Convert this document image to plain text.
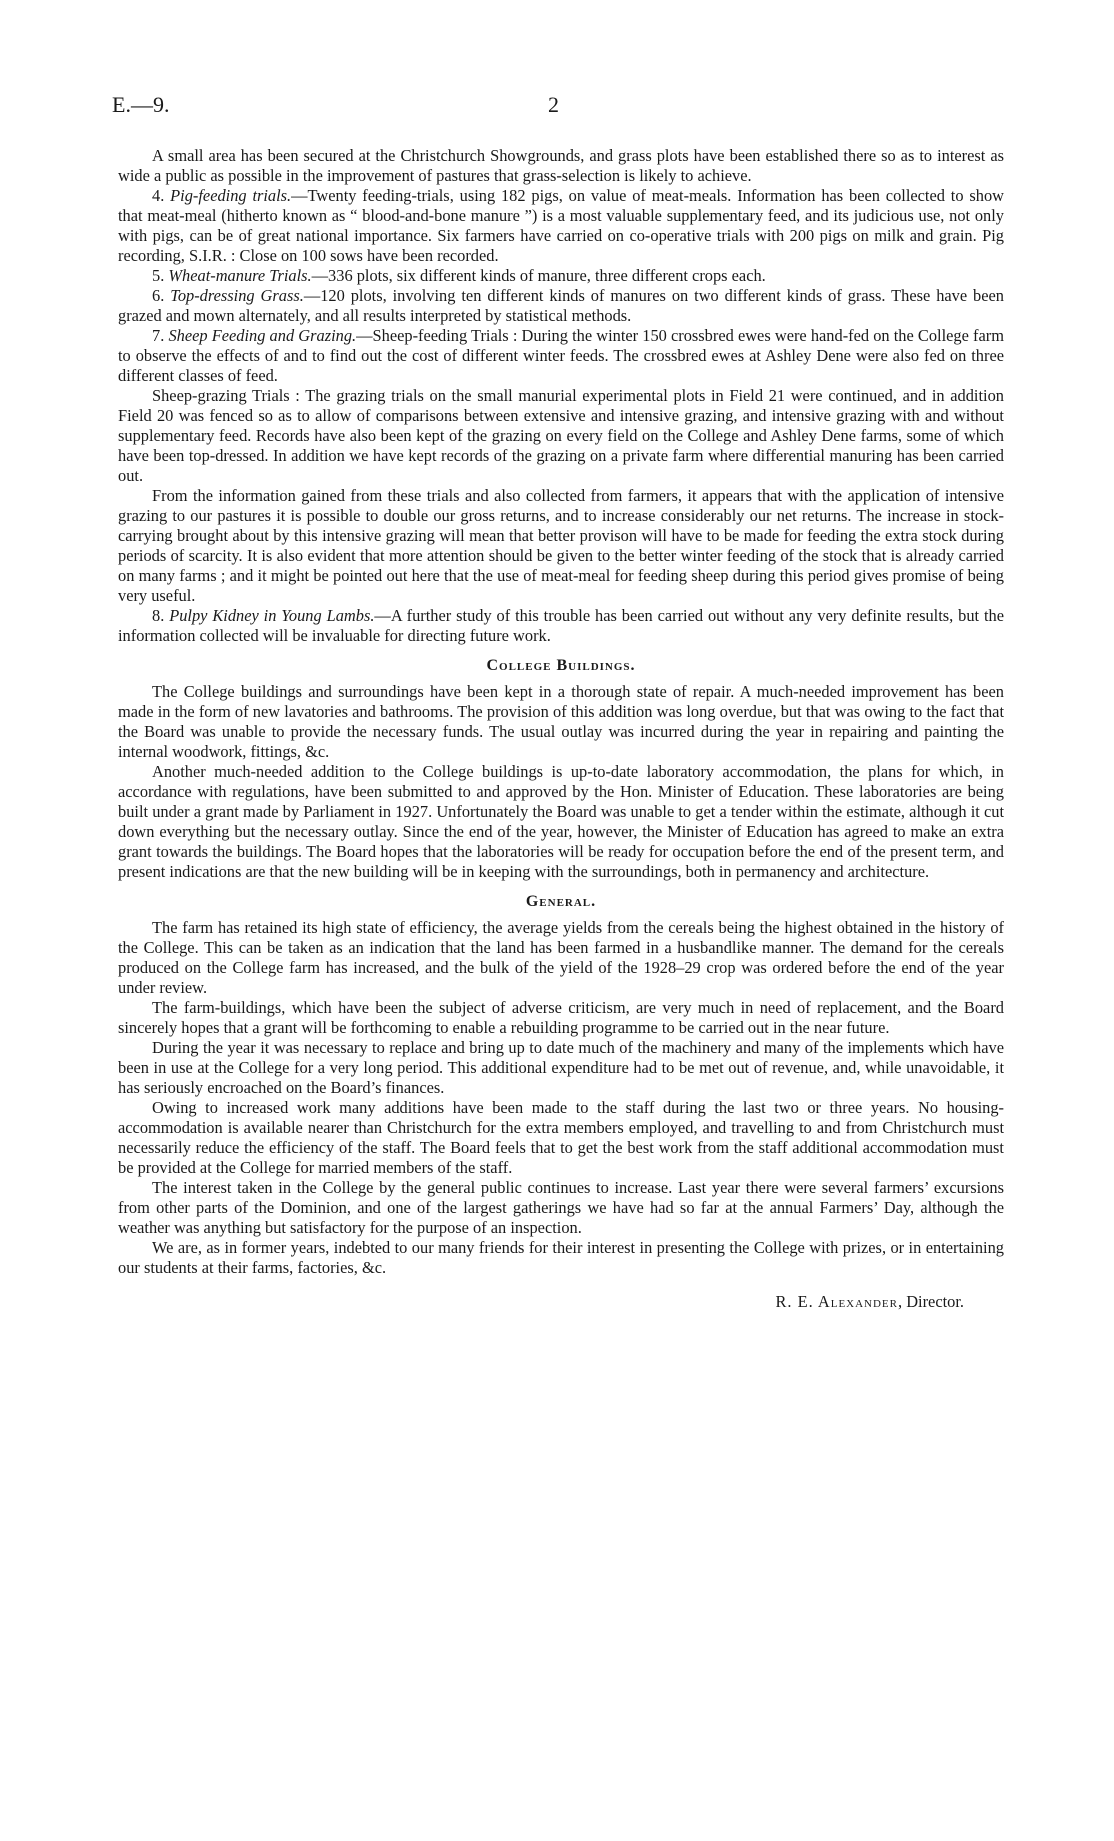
E.—9.	2

A small area has been secured at the Christchurch Showgrounds, and grass plots have been established there so as to interest as wide a public as possible in the improvement of pastures that grass-selection is likely to achieve.

4. Pig-feeding trials.—Twenty feeding-trials, using 182 pigs, on value of meat-meals. Information has been collected to show that meat-meal (hitherto known as “ blood-and-bone manure ”) is a most valuable supplementary feed, and its judicious use, not only with pigs, can be of great national importance. Six farmers have carried on co-operative trials with 200 pigs on milk and grain. Pig recording, S.I.R. : Close on 100 sows have been recorded.

5. Wheat-manure Trials.—336 plots, six different kinds of manure, three different crops each.

6. Top-dressing Grass.—120 plots, involving ten different kinds of manures on two different kinds of grass. These have been grazed and mown alternately, and all results interpreted by statistical methods.

7. Sheep Feeding and Grazing.—Sheep-feeding Trials : During the winter 150 crossbred ewes were hand-fed on the College farm to observe the effects of and to find out the cost of different winter feeds. The crossbred ewes at Ashley Dene were also fed on three different classes of feed.

Sheep-grazing Trials : The grazing trials on the small manurial experimental plots in Field 21 were continued, and in addition Field 20 was fenced so as to allow of comparisons between extensive and intensive grazing, and intensive grazing with and without supplementary feed. Records have also been kept of the grazing on every field on the College and Ashley Dene farms, some of which have been top-dressed. In addition we have kept records of the grazing on a private farm where differential manuring has been carried out.

From the information gained from these trials and also collected from farmers, it appears that with the application of intensive grazing to our pastures it is possible to double our gross returns, and to increase considerably our net returns. The increase in stock-carrying brought about by this intensive grazing will mean that better provison will have to be made for feeding the extra stock during periods of scarcity. It is also evident that more attention should be given to the better winter feeding of the stock that is already carried on many farms ; and it might be pointed out here that the use of meat-meal for feeding sheep during this period gives promise of being very useful.

8. Pulpy Kidney in Young Lambs.—A further study of this trouble has been carried out without any very definite results, but the information collected will be invaluable for directing future work.

College Buildings.

The College buildings and surroundings have been kept in a thorough state of repair. A much-needed improvement has been made in the form of new lavatories and bathrooms. The provision of this addition was long overdue, but that was owing to the fact that the Board was unable to provide the necessary funds. The usual outlay was incurred during the year in repairing and painting the internal woodwork, fittings, &c.

Another much-needed addition to the College buildings is up-to-date laboratory accommodation, the plans for which, in accordance with regulations, have been submitted to and approved by the Hon. Minister of Education. These laboratories are being built under a grant made by Parliament in 1927. Unfortunately the Board was unable to get a tender within the estimate, although it cut down everything but the necessary outlay. Since the end of the year, however, the Minister of Education has agreed to make an extra grant towards the buildings. The Board hopes that the laboratories will be ready for occupation before the end of the present term, and present indications are that the new building will be in keeping with the surroundings, both in permanency and architecture.

General.

The farm has retained its high state of efficiency, the average yields from the cereals being the highest obtained in the history of the College. This can be taken as an indication that the land has been farmed in a husbandlike manner. The demand for the cereals produced on the College farm has increased, and the bulk of the yield of the 1928–29 crop was ordered before the end of the year under review.

The farm-buildings, which have been the subject of adverse criticism, are very much in need of replacement, and the Board sincerely hopes that a grant will be forthcoming to enable a rebuilding programme to be carried out in the near future.

During the year it was necessary to replace and bring up to date much of the machinery and many of the implements which have been in use at the College for a very long period. This additional expenditure had to be met out of revenue, and, while unavoidable, it has seriously encroached on the Board’s finances.

Owing to increased work many additions have been made to the staff during the last two or three years. No housing-accommodation is available nearer than Christchurch for the extra members employed, and travelling to and from Christchurch must necessarily reduce the efficiency of the staff. The Board feels that to get the best work from the staff additional accommodation must be provided at the College for married members of the staff.

The interest taken in the College by the general public continues to increase. Last year there were several farmers’ excursions from other parts of the Dominion, and one of the largest gatherings we have had so far at the annual Farmers’ Day, although the weather was anything but satisfactory for the purpose of an inspection.

We are, as in former years, indebted to our many friends for their interest in presenting the College with prizes, or in entertaining our students at their farms, factories, &c.

R. E. Alexander, Director.
